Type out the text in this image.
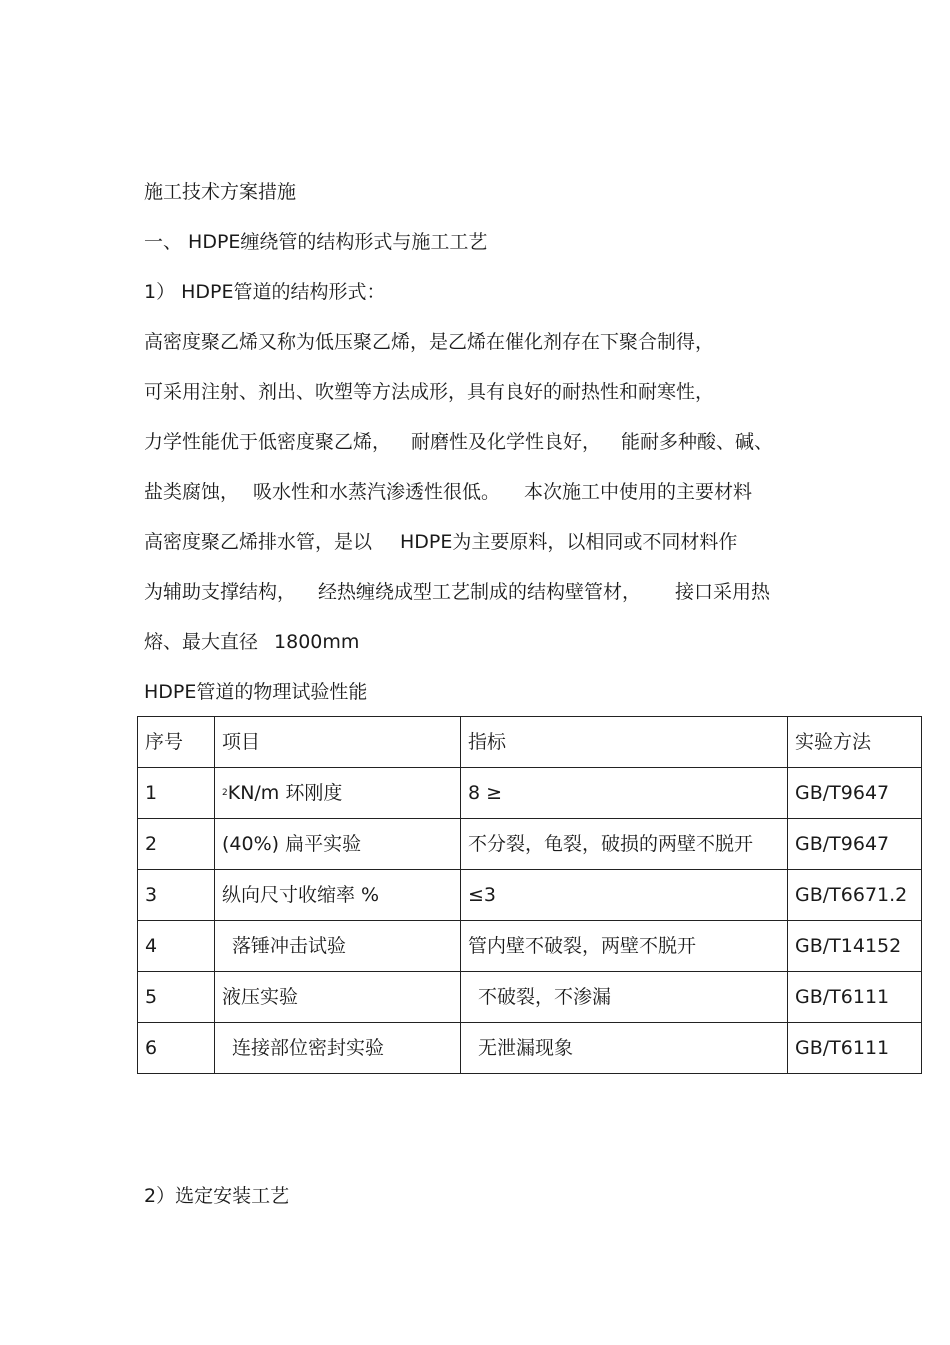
施工技术方案措施
一、 HDPE缠绕管的结构形式与施工工艺
1） HDPE管道的结构形式：
高密度聚乙烯又称为低压聚乙烯，是乙烯在催化剂存在下聚合制得，
可采用注射、剂出、吹塑等方法成形，具有良好的耐热性和耐寒性，
力学性能优于低密度聚乙烯， 耐磨性及化学性良好， 能耐多种酸、碱、
盐类腐蚀， 吸水性和水蒸汽渗透性很低。 本次施工中使用的主要材料
高密度聚乙烯排水管，是以 HDPE为主要原料，以相同或不同材料作
为辅助支撑结构， 经热缠绕成型工艺制成的结构壁管材， 接口采用热
熔、最大直径 1800mm
HDPE管道的物理试验性能
序号	项目	指标	实验方法
1	$^2$KN/m 环刚度	8 ≥	GB/T9647
2	(40%) 扁平实验	不分裂，龟裂，破损的两壁不脱开	GB/T9647
3	纵向尺寸收缩率 %	≤3	GB/T6671.2
4	落锤冲击试验	管内壁不破裂，两壁不脱开	GB/T14152
5	液压实验	不破裂，不渗漏	GB/T6111
6	连接部位密封实验	无泄漏现象	GB/T6111
2）选定安装工艺
